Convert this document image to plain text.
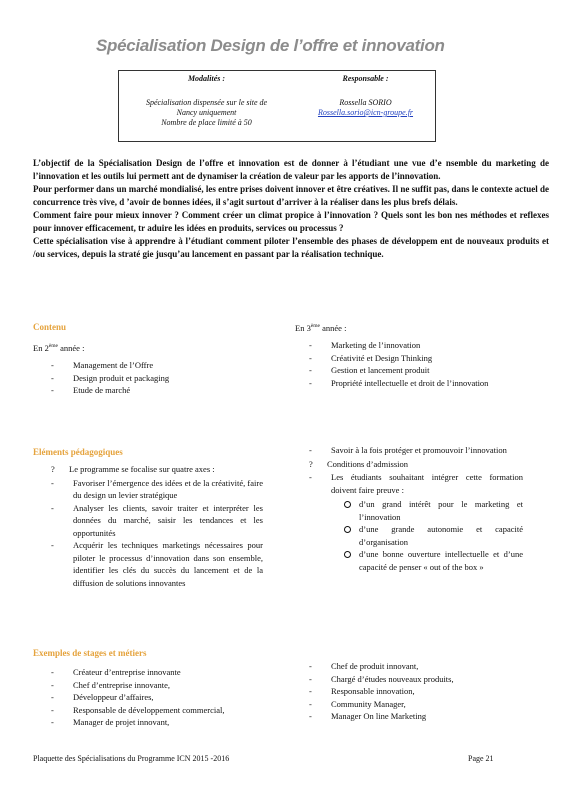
Spécialisation Design de l’offre et innovation
Modalités :
Spécialisation dispensée sur le site de
Nancy uniquement
Nombre de place limité à 50
Responsable :
Rossella SORIO
Rossella.sorio@icn-groupe.fr

L’objectif de la Spécialisation Design de l’offre et innovation est de donner à l’étudiant une vue d’e nsemble du marketing de l’innovation et les outils lui permett ant de dynamiser la création de valeur par les apports de l’innovation.

Pour performer dans un marché mondialisé, les entre prises doivent innover et être créatives. Il ne suffit pas, dans le contexte actuel de concurrence très vive, d ’avoir de bonnes idées, il s’agit surtout d’arriver à la réaliser dans les plus brefs délais.

Comment faire pour mieux innover ? Comment créer un climat propice à l’innovation ? Quels sont les bon nes méthodes et reflexes pour innover efficacement, tr aduire les idées en produits, services ou processus ?

Cette spécialisation vise à apprendre à l’étudiant comment piloter l’ensemble des phases de développem ent de nouveaux produits et /ou services, depuis la straté gie jusqu’au lancement en passant par la réalisation technique.

Contenu
En 2ème année :
- Management de l’Offre
- Design produit et packaging
- Etude de marché
En 3ème année :
- Marketing de l’innovation
- Créativité et Design Thinking
- Gestion et lancement produit
- Propriété intellectuelle et droit de l’innovation
Eléments pédagogiques
? Le programme se focalise sur quatre axes :
- Favoriser l’émergence des idées et de la créativité, faire du design un levier stratégique
- Analyser les clients, savoir traiter et interpréter les données du marché, saisir les tendances et les opportunités
- Acquérir les techniques marketings nécessaires pour piloter le processus d’innovation dans son ensemble, identifier les clés du succès du lancement et de la diffusion de solutions innovantes
- Savoir à la fois protéger et promouvoir l’innovation
? Conditions d’admission
- Les étudiants souhaitant intégrer cette formation doivent faire preuve :
d’un grand intérêt pour le marketing et l’innovation
d’une grande autonomie et capacité d’organisation
d’une bonne ouverture intellectuelle et d’une capacité de penser « out of the box »
Exemples de stages et métiers
- Créateur d’entreprise innovante
- Chef d’entreprise innovante,
- Développeur d’affaires,
- Responsable de développement commercial,
- Manager de projet innovant,
- Chef de produit innovant,
- Chargé d’études nouveaux produits,
- Responsable innovation,
- Community Manager,
- Manager On line Marketing
Plaquette des Spécialisations du Programme ICN 2015 -2016	Page 21
